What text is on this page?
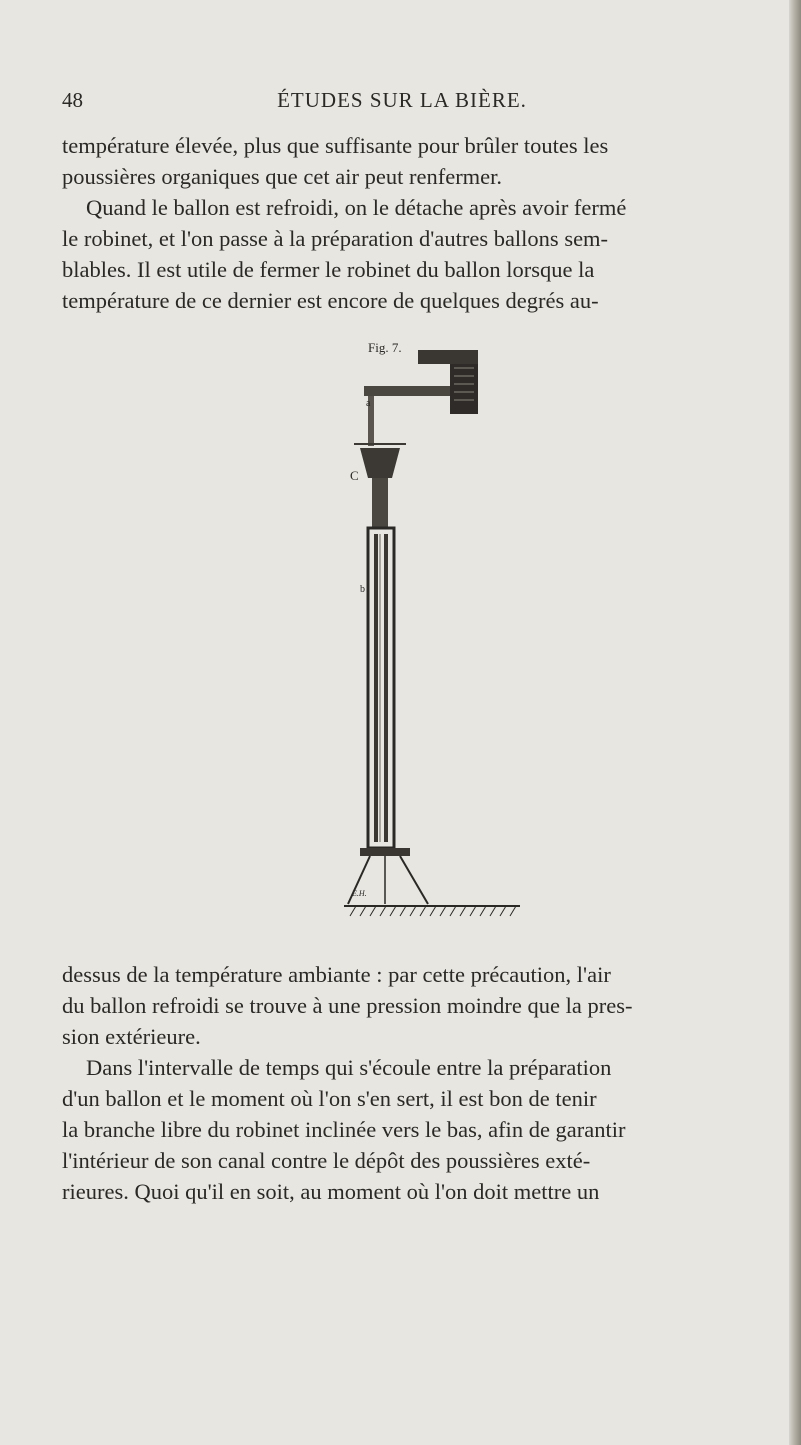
48	ÉTUDES SUR LA BIÈRE.
température élevée, plus que suffisante pour brûler toutes les
poussières organiques que cet air peut renfermer.
Quand le ballon est refroidi, on le détache après avoir fermé
le robinet, et l'on passe à la préparation d'autres ballons sem-
blables. Il est utile de fermer le robinet du ballon lorsque la
température de ce dernier est encore de quelques degrés au-
Fig. 7.
C
a
b
E.H.
dessus de la température ambiante : par cette précaution, l'air
du ballon refroidi se trouve à une pression moindre que la pres-
sion extérieure.
Dans l'intervalle de temps qui s'écoule entre la préparation
d'un ballon et le moment où l'on s'en sert, il est bon de tenir
la branche libre du robinet inclinée vers le bas, afin de garantir
l'intérieur de son canal contre le dépôt des poussières exté-
rieures. Quoi qu'il en soit, au moment où l'on doit mettre un
